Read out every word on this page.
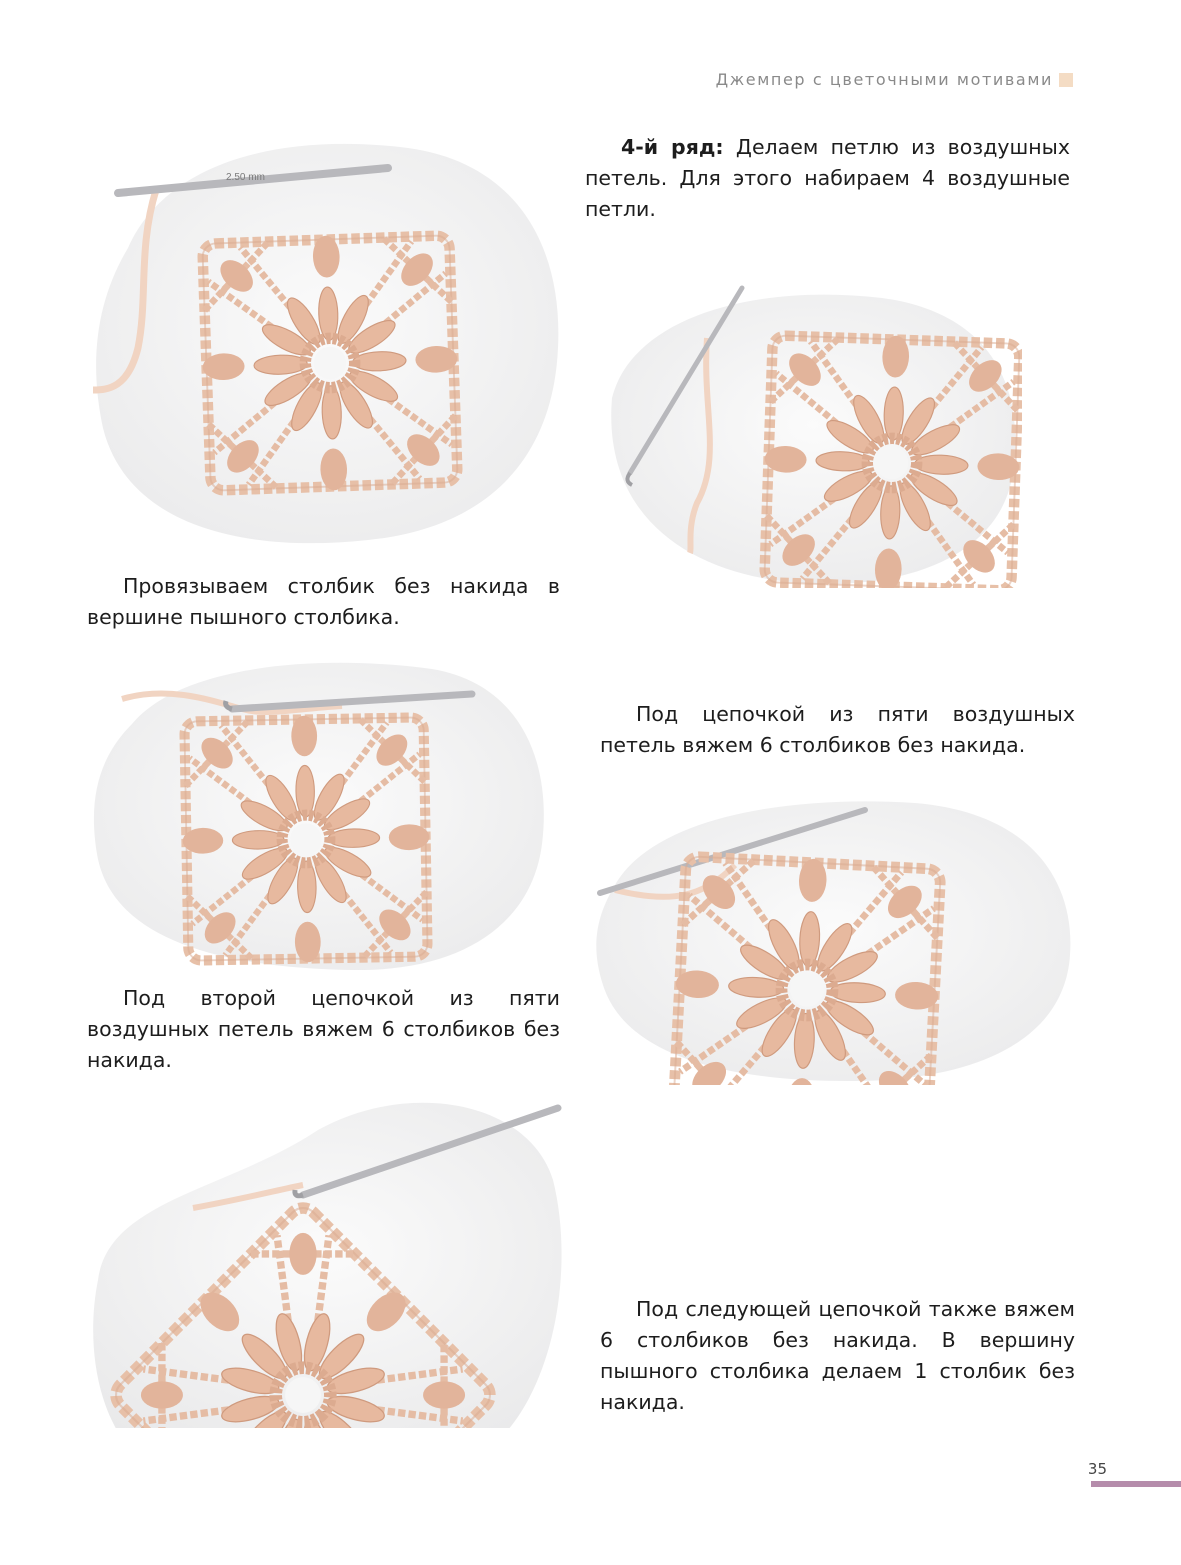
Джемпер с цветочными мотивами

4-й ряд: Делаем петлю из воздушных петель. Для этого набираем 4 воздушные петли.

Провязываем столбик без накида в вершине пышного столбика.

Под цепочкой из пяти воздушных петель вяжем 6 столбиков без накида.

Под второй цепочкой из пяти воздушных петель вяжем 6 столбиков без накида.

Под следующей цепочкой также вяжем 6 столбиков без накида. В вершину пышного столбика делаем 1 столбик без накида.

2.50 mm
35
